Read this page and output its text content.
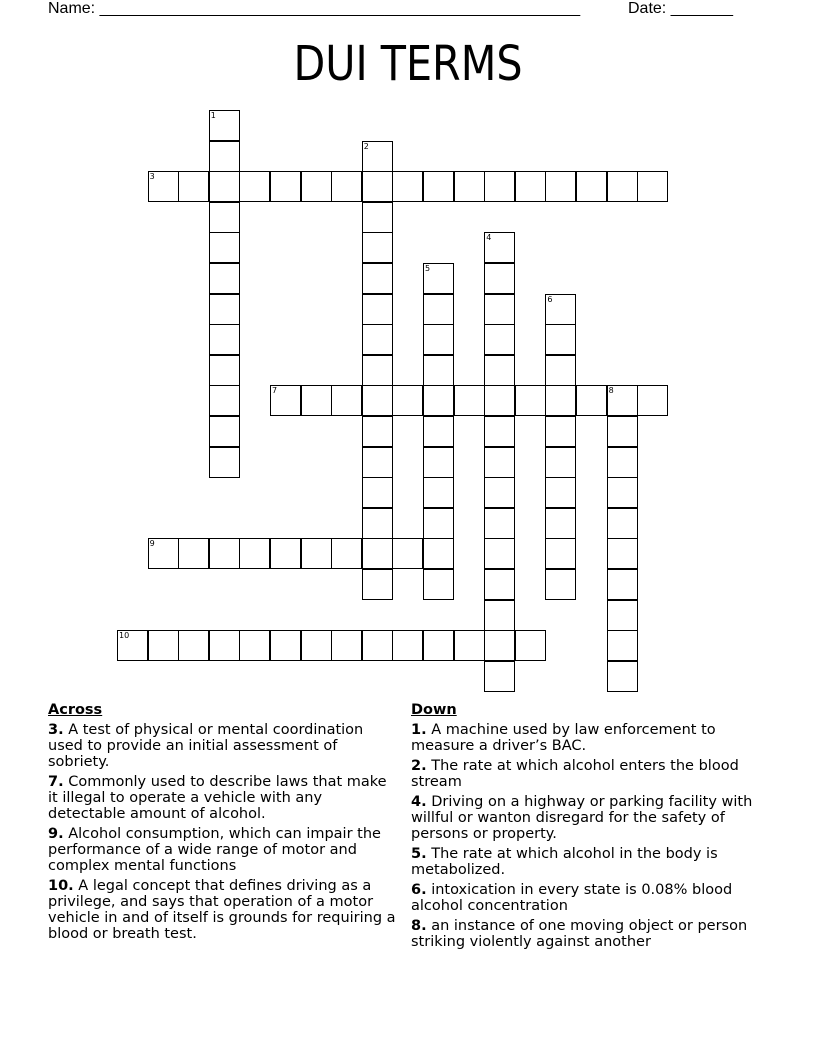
Name: ______________________________________________________	Date: _______
DUI TERMS
1
2
3
4
5
6
7	8
9
10
Across
3. A test of physical or mental coordination used to provide an initial assessment of sobriety.
7. Commonly used to describe laws that make it illegal to operate a vehicle with any detectable amount of alcohol.
9. Alcohol consumption, which can impair the performance of a wide range of motor and complex mental functions
10. A legal concept that defines driving as a privilege, and says that operation of a motor vehicle in and of itself is grounds for requiring a blood or breath test.
Down
1. A machine used by law enforcement to measure a driver’s BAC.
2. The rate at which alcohol enters the blood stream
4. Driving on a highway or parking facility with willful or wanton disregard for the safety of persons or property.
5. The rate at which alcohol in the body is metabolized.
6. intoxication in every state is 0.08% blood alcohol concentration
8. an instance of one moving object or person striking violently against another
